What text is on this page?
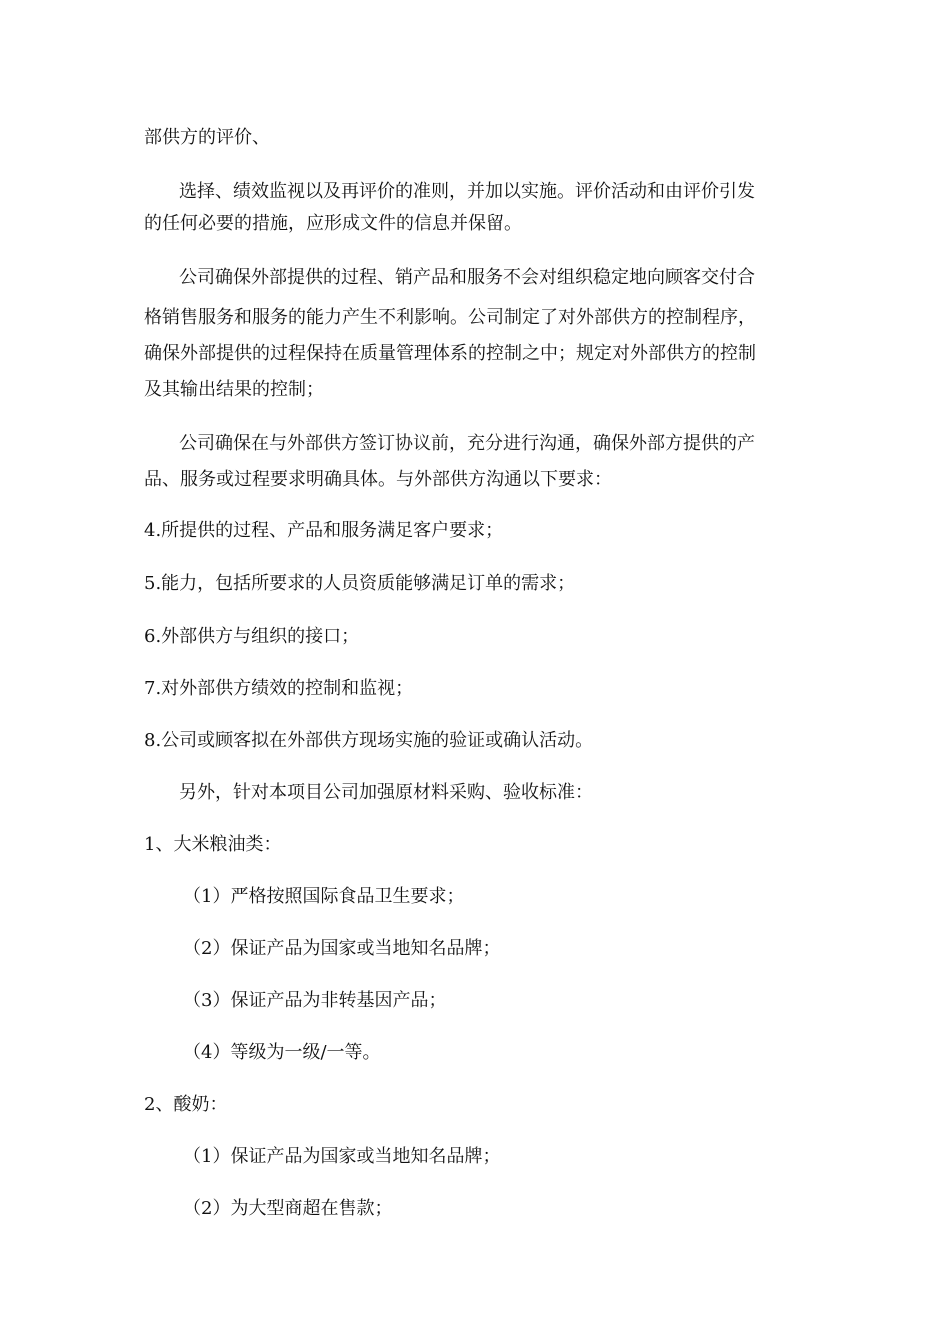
部供方的评价、
选择、绩效监视以及再评价的准则，并加以实施。评价活动和由评价引发
的任何必要的措施，应形成文件的信息并保留。
公司确保外部提供的过程、销产品和服务不会对组织稳定地向顾客交付合
格销售服务和服务的能力产生不利影响。公司制定了对外部供方的控制程序，
确保外部提供的过程保持在质量管理体系的控制之中；规定对外部供方的控制
及其输出结果的控制；
公司确保在与外部供方签订协议前，充分进行沟通，确保外部方提供的产
品、服务或过程要求明确具体。与外部供方沟通以下要求：
4.所提供的过程、产品和服务满足客户要求；
5.能力，包括所要求的人员资质能够满足订单的需求；
6.外部供方与组织的接口；
7.对外部供方绩效的控制和监视；
8.公司或顾客拟在外部供方现场实施的验证或确认活动。
另外，针对本项目公司加强原材料采购、验收标准：
1、大米粮油类：
（1）严格按照国际食品卫生要求；
（2）保证产品为国家或当地知名品牌；
（3）保证产品为非转基因产品；
（4）等级为一级/一等。
2、酸奶：
（1）保证产品为国家或当地知名品牌；
（2）为大型商超在售款；
